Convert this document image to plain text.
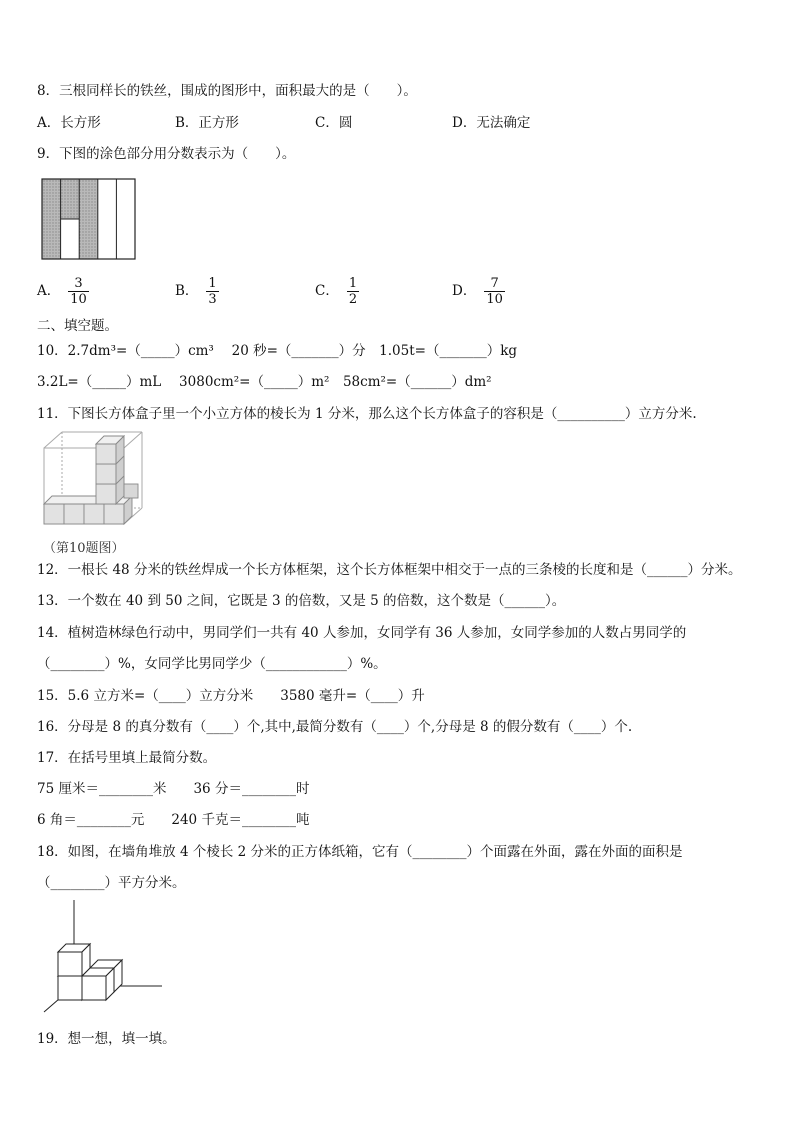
8．三根同样长的铁丝，围成的图形中，面积最大的是（　　）。
A．长方形	B．正方形	C．圆	D．无法确定
9．下图的涂色部分用分数表示为（　　）。
A． $\frac{3}{10}$	B． $\frac{1}{3}$	C． $\frac{1}{2}$	D． $\frac{7}{10}$
二、填空题。
10．2.7dm³=（_____）cm³　 20 秒=（_______）分　1.05t=（_______）kg
3.2L=（_____）mL　 3080cm²=（_____）m²　58cm²=（______）dm²
11．下图长方体盒子里一个小立方体的棱长为 1 分米，那么这个长方体盒子的容积是（__________）立方分米.
（第10题图）
12．一根长 48 分米的铁丝焊成一个长方体框架，这个长方体框架中相交于一点的三条棱的长度和是（______）分米。
13．一个数在 40 到 50 之间，它既是 3 的倍数，又是 5 的倍数，这个数是（______）。
14．植树造林绿色行动中，男同学们一共有 40 人参加，女同学有 36 人参加，女同学参加的人数占男同学的
（________）%，女同学比男同学少（____________）%。
15．5.6 立方米=（____）立方分米　　3580 毫升=（____）升
16．分母是 8 的真分数有（____）个,其中,最简分数有（____）个,分母是 8 的假分数有（____）个.
17．在括号里填上最简分数。
75 厘米＝________米　　36 分＝________时
6 角＝________元　　240 千克＝________吨
18．如图，在墙角堆放 4 个棱长 2 分米的正方体纸箱，它有（________）个面露在外面，露在外面的面积是
（________）平方分米。
19．想一想，填一填。
